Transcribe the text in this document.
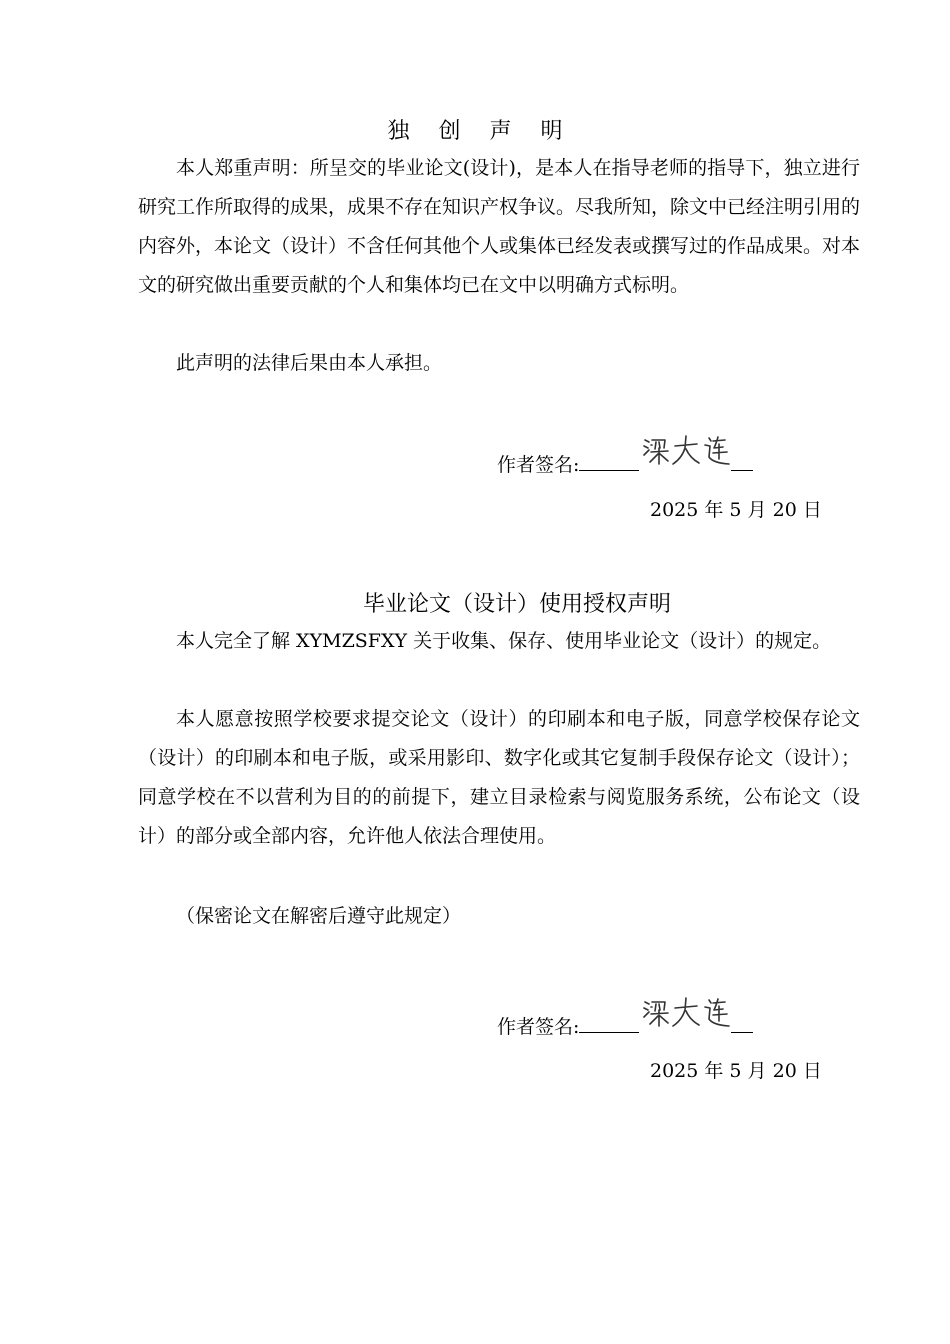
独 创 声 明

本人郑重声明：所呈交的毕业论文(设计)，是本人在指导老师的指导下，独立进行研究工作所取得的成果，成果不存在知识产权争议。尽我所知，除文中已经注明引用的内容外，本论文（设计）不含任何其他个人或集体已经发表或撰写过的作品成果。对本文的研究做出重要贡献的个人和集体均已在文中以明确方式标明。

此声明的法律后果由本人承担。

作者签名:
2025 年 5 月 20 日
毕业论文（设计）使用授权声明

本人完全了解 XYMZSFXY 关于收集、保存、使用毕业论文（设计）的规定。

本人愿意按照学校要求提交论文（设计）的印刷本和电子版，同意学校保存论文（设计）的印刷本和电子版，或采用影印、数字化或其它复制手段保存论文（设计）；同意学校在不以营利为目的的前提下，建立目录检索与阅览服务系统，公布论文（设计）的部分或全部内容，允许他人依法合理使用。

（保密论文在解密后遵守此规定）

作者签名:
2025 年 5 月 20 日
